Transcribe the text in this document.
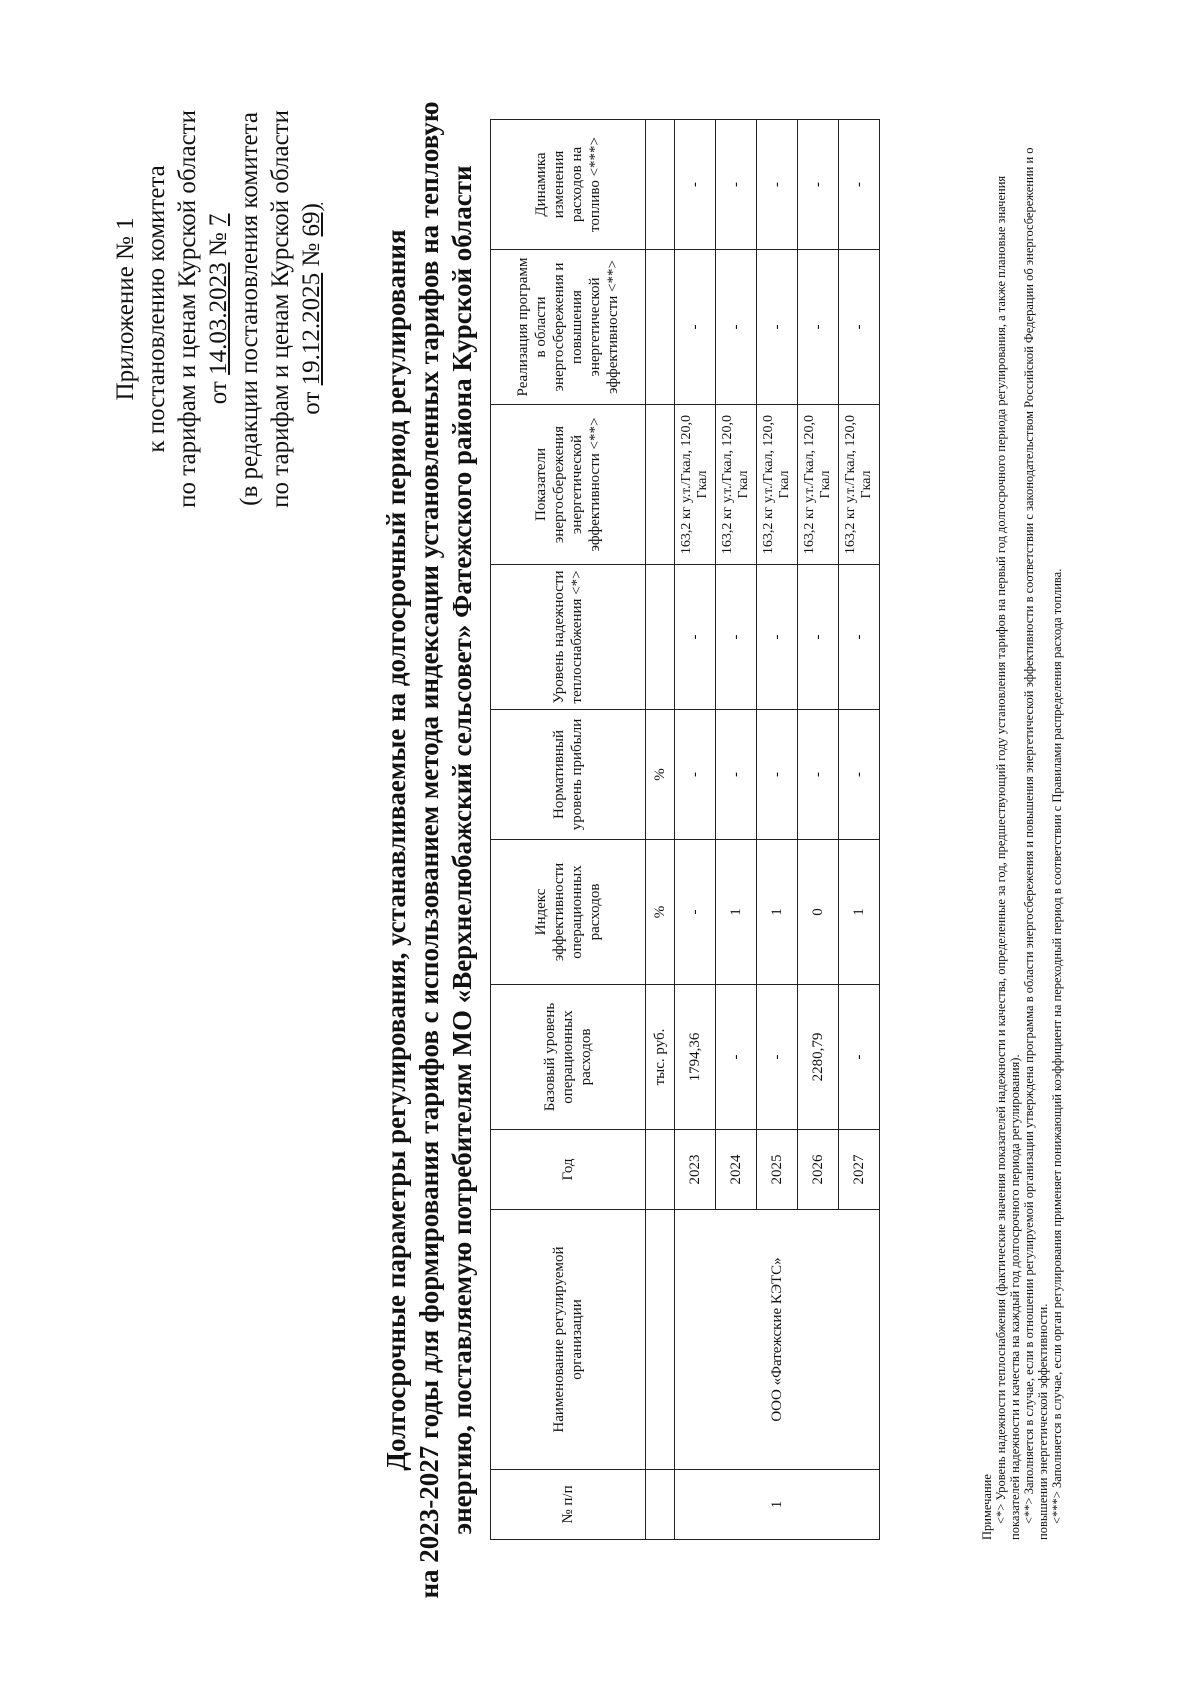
Приложение № 1 к постановлению комитета по тарифам и ценам Курской области от 14.03.2023 № 7 (в редакции постановления комитета по тарифам и ценам Курской области от 19.12.2025 № 69)
Долгосрочные параметры регулирования, устанавливаемые на долгосрочный период регулирования на 2023-2027 годы для формирования тарифов с использованием метода индексации установленных тарифов на тепловую энергию, поставляемую потребителям МО «Верхнелюбажский сельсовет» Фатежского района Курской области	№ п/п	Наименование регулируемой организации	Год	Базовый уровень операционных расходов	Индекс эффективности операционных расходов	Нормативный уровень прибыли	Уровень надежности теплоснабжения <*>	Показатели энергосбережения энергетической эффективности <**>	Реализация программ в области энергосбережения и повышения энергетической эффективности <**>	Динамика изменения расходов на топливо <***>
			тыс. руб.	%	%				
1	ООО «Фатежские КЭТС»	2023	1794,36	-	-	-	163,2 кг у.т./Гкал, 120,0 Гкал	-	-
		2024	-	1	-	-	163,2 кг у.т./Гкал, 120,0 Гкал	-	-
		2025	-	1	-	-	163,2 кг у.т./Гкал, 120,0 Гкал	-	-
		2026	2280,79	0	-	-	163,2 кг у.т./Гкал, 120,0 Гкал	-	-
		2027	-	1	-	-	163,2 кг у.т./Гкал, 120,0 Гкал	-	-

Примечание <*> Уровень надежности теплоснабжения (фактические значения показателей надежности и качества, определенные за год, предшествующий году установления тарифов на первый год долгосрочного периода регулирования, а также плановые значения показателей надежности и качества на каждый год долгосрочного периода регулирования). <**> Заполняется в случае, если в отношении регулируемой организации утверждена программа в области энергосбережения и повышения энергетической эффективности в соответствии с законодательством Российской Федерации об энергосбережении и о повышении энергетической эффективности. <***> Заполняется в случае, если орган регулирования применяет понижающий коэффициент на переходный период в соответствии с Правилами распределения расхода топлива.
